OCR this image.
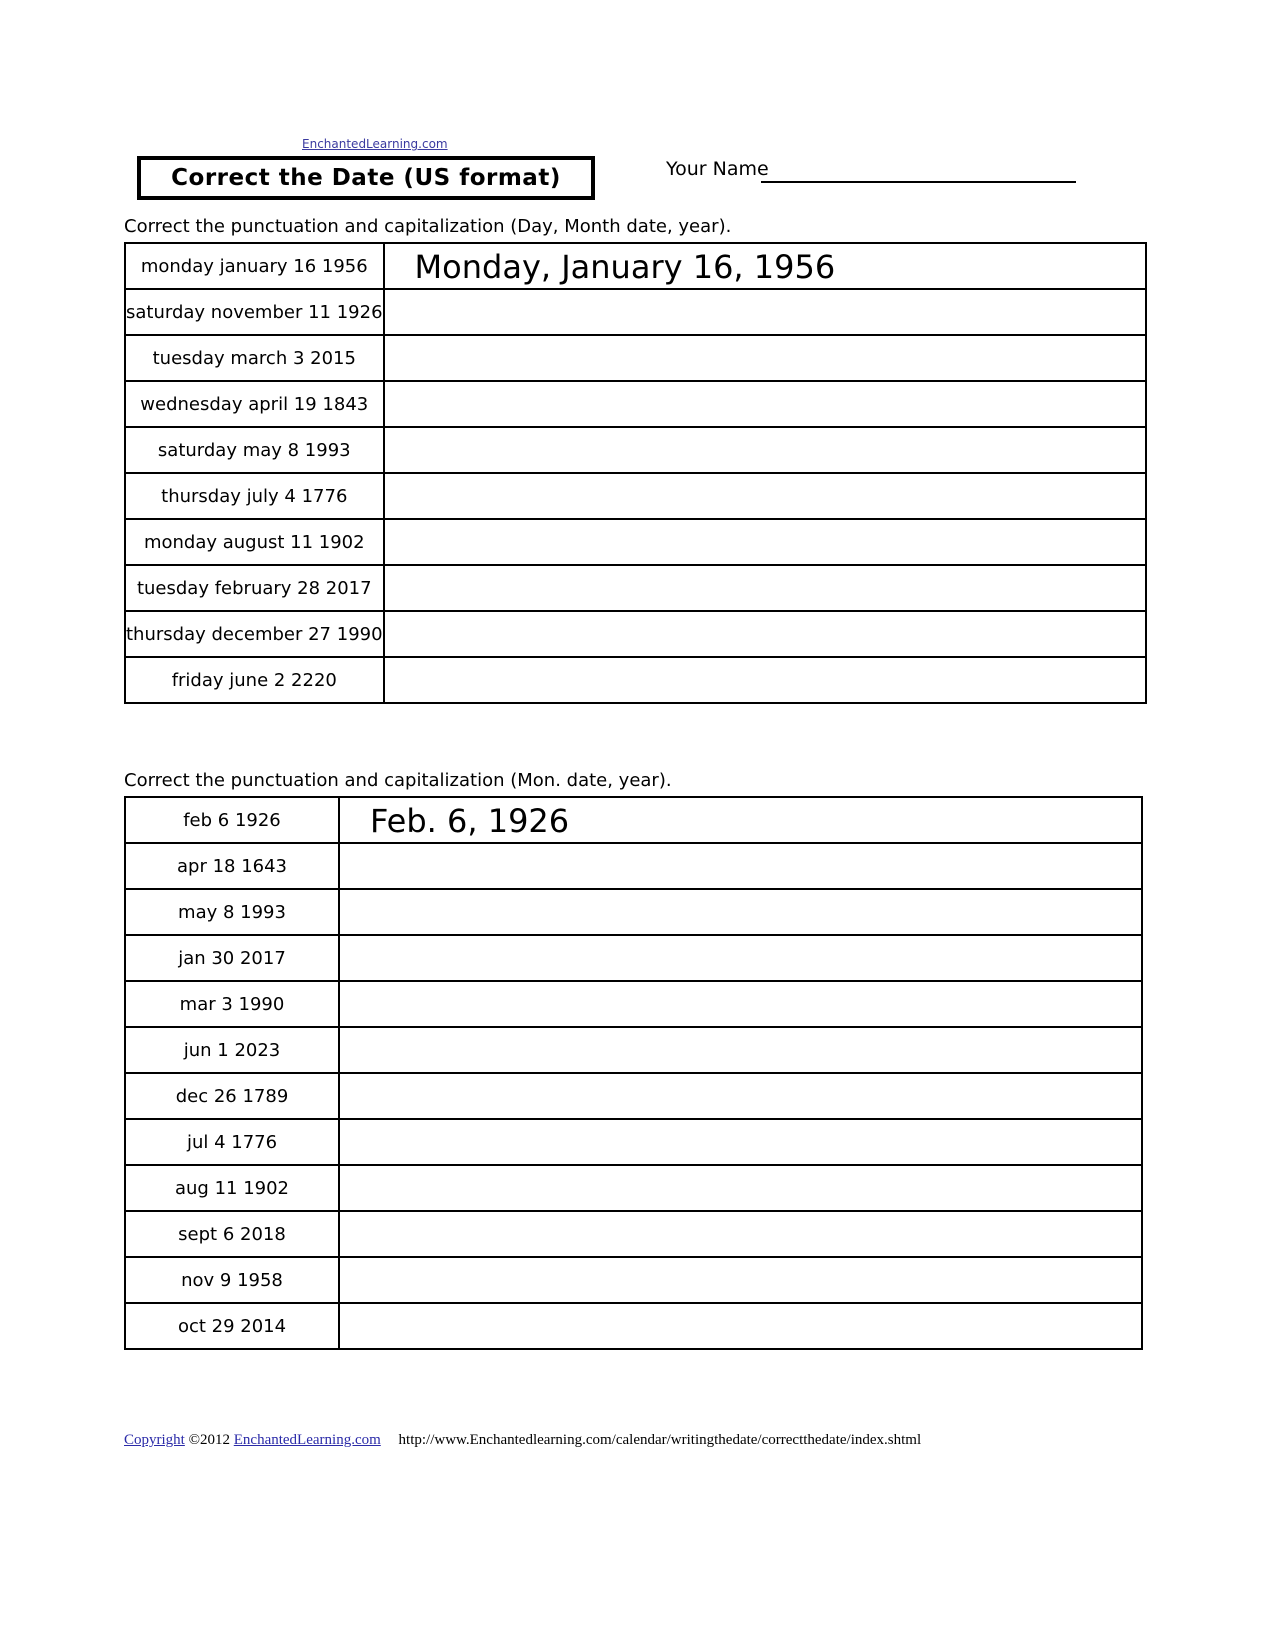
EnchantedLearning.com
Correct the Date (US format)	Your Name
Correct the punctuation and capitalization (Day, Month date, year).
monday january 16 1956	Monday, January 16, 1956
saturday november 11 1926	
tuesday march 3 2015	
wednesday april 19 1843	
saturday may 8 1993	
thursday july 4 1776	
monday august 11 1902	
tuesday february 28 2017	
thursday december 27 1990	
friday june 2 2220	
Correct the punctuation and capitalization (Mon. date, year).
feb 6 1926	Feb. 6, 1926
apr 18 1643	
may 8 1993	
jan 30 2017	
mar 3 1990	
jun 1 2023	
dec 26 1789	
jul 4 1776	
aug 11 1902	
sept 6 2018	
nov 9 1958	
oct 29 2014	
Copyright ©2012 EnchantedLearning.com http://www.Enchantedlearning.com/calendar/writingthedate/correctthedate/index.shtml
